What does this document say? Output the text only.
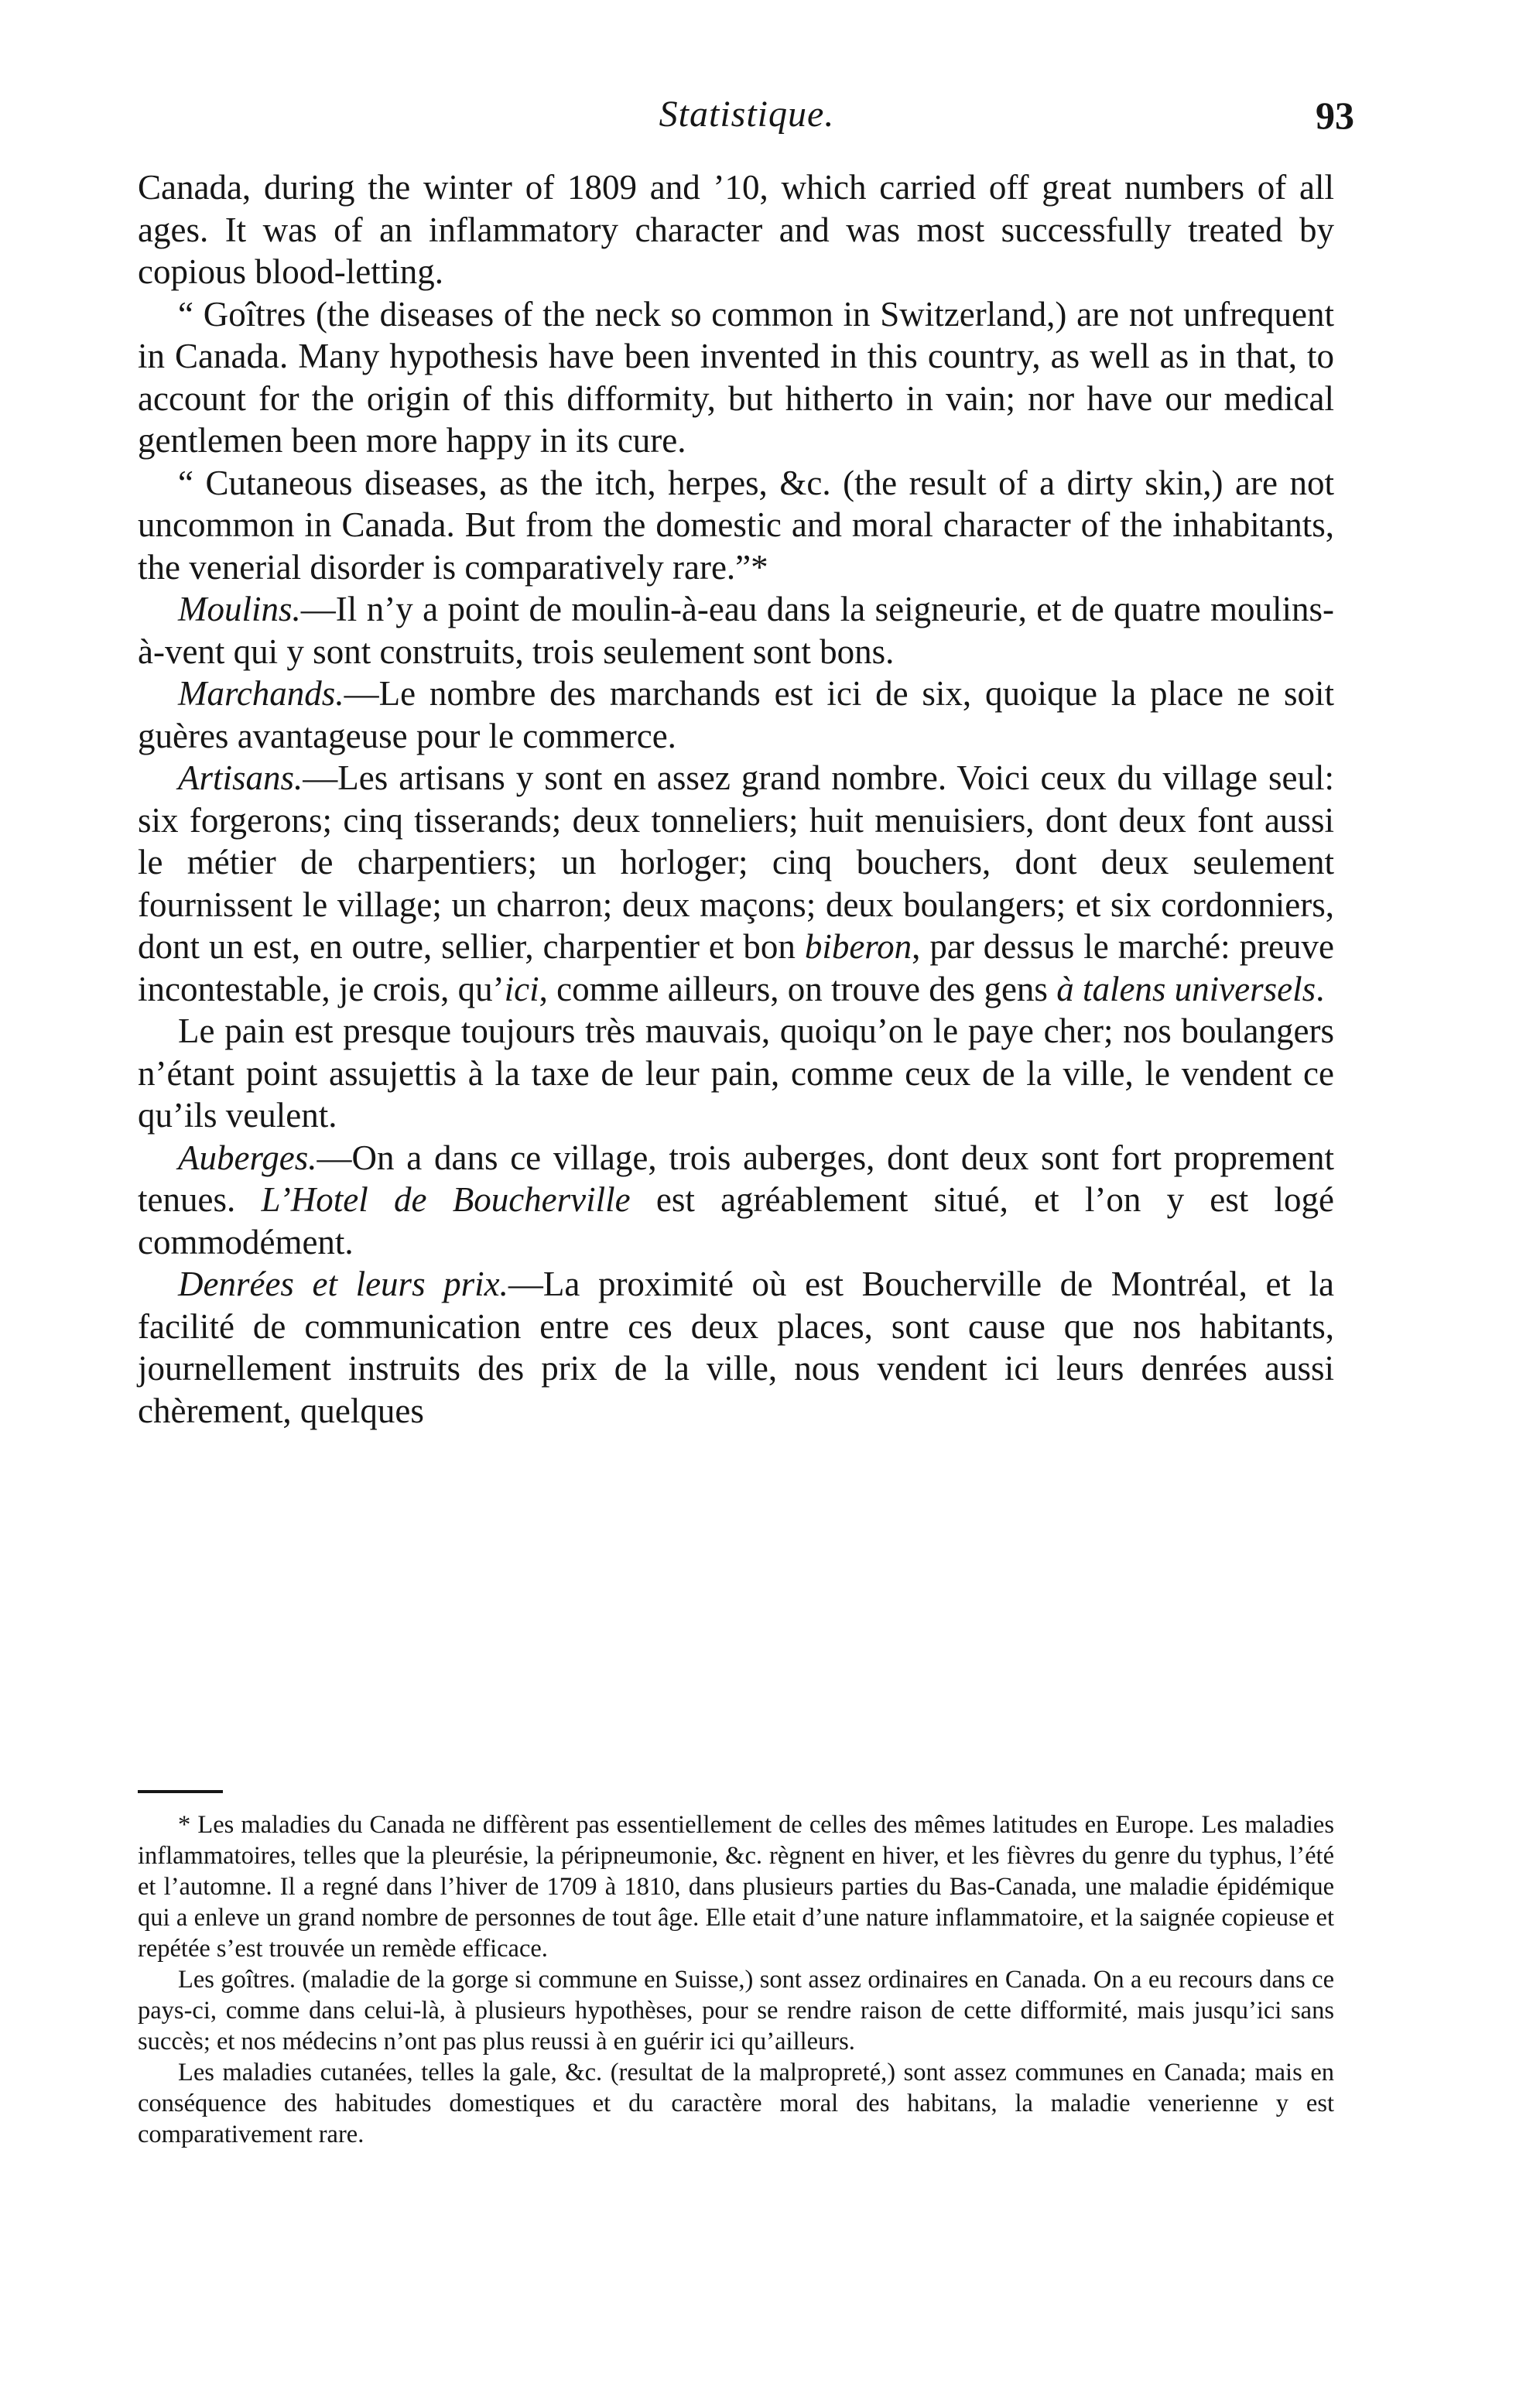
Statistique.	93

Canada, during the winter of 1809 and ’10, which carried off great numbers of all ages. It was of an inflammatory character and was most successfully treated by copious blood-letting.

“ Goîtres (the diseases of the neck so common in Switzerland,) are not unfrequent in Canada. Many hypothesis have been invented in this country, as well as in that, to account for the origin of this difformity, but hitherto in vain; nor have our medical gentlemen been more happy in its cure.

“ Cutaneous diseases, as the itch, herpes, &c. (the result of a dirty skin,) are not uncommon in Canada. But from the domestic and moral character of the inhabitants, the venerial disorder is comparatively rare.”*

Moulins.—Il n’y a point de moulin-à-eau dans la seigneurie, et de quatre moulins-à-vent qui y sont construits, trois seulement sont bons.

Marchands.—Le nombre des marchands est ici de six, quoique la place ne soit guères avantageuse pour le commerce.

Artisans.—Les artisans y sont en assez grand nombre. Voici ceux du village seul: six forgerons; cinq tisserands; deux tonneliers; huit menuisiers, dont deux font aussi le métier de charpentiers; un horloger; cinq bouchers, dont deux seulement fournissent le village; un charron; deux maçons; deux boulangers; et six cordonniers, dont un est, en outre, sellier, charpentier et bon biberon, par dessus le marché: preuve incontestable, je crois, qu’ici, comme ailleurs, on trouve des gens à talens universels.

Le pain est presque toujours très mauvais, quoiqu’on le paye cher; nos boulangers n’étant point assujettis à la taxe de leur pain, comme ceux de la ville, le vendent ce qu’ils veulent.

Auberges.—On a dans ce village, trois auberges, dont deux sont fort proprement tenues. L’Hotel de Boucherville est agréablement situé, et l’on y est logé commodément.

Denrées et leurs prix.—La proximité où est Boucherville de Montréal, et la facilité de communication entre ces deux places, sont cause que nos habitants, journellement instruits des prix de la ville, nous vendent ici leurs denrées aussi chèrement, quelques

* Les maladies du Canada ne diffèrent pas essentiellement de celles des mêmes latitudes en Europe. Les maladies inflammatoires, telles que la pleurésie, la péripneumonie, &c. règnent en hiver, et les fièvres du genre du typhus, l’été et l’automne. Il a regné dans l’hiver de 1709 à 1810, dans plusieurs parties du Bas-Canada, une maladie épidémique qui a enleve un grand nombre de personnes de tout âge. Elle etait d’une nature inflammatoire, et la saignée copieuse et repétée s’est trouvée un remède efficace.

Les goîtres. (maladie de la gorge si commune en Suisse,) sont assez ordinaires en Canada. On a eu recours dans ce pays-ci, comme dans celui-là, à plusieurs hypothèses, pour se rendre raison de cette difformité, mais jusqu’ici sans succès; et nos médecins n’ont pas plus reussi à en guérir ici qu’ailleurs.

Les maladies cutanées, telles la gale, &c. (resultat de la malpropreté,) sont assez communes en Canada; mais en conséquence des habitudes domestiques et du caractère moral des habitans, la maladie venerienne y est comparativement rare.
